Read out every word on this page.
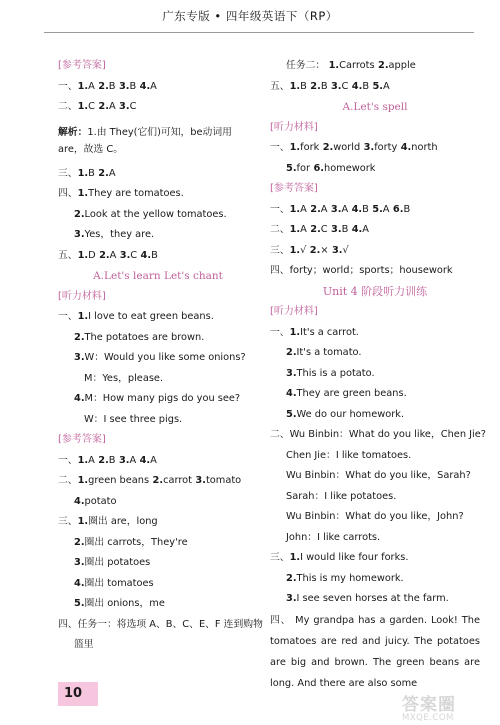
广东专版 • 四年级英语下（RP）
[参考答案]
一、1.A 2.B 3.B 4.A
二、1.C 2.A 3.C
解析：1.由 They(它们)可知，be动词用 are，故选 C。
三、1.B 2.A
四、1.They are tomatoes.
2.Look at the yellow tomatoes.
3.Yes，they are.
五、1.D 2.A 3.C 4.B
A.Let's learn Let's chant
[听力材料]
一、1.I love to eat green beans.
2.The potatoes are brown.
3.W：Would you like some onions?
M：Yes，please.
4.M：How many pigs do you see?
W：I see three pigs.
[参考答案]
一、1.A 2.B 3.A 4.A
二、1.green beans 2.carrot 3.tomato
4.potato
三、1.圈出 are，long
2.圈出 carrots，They're
3.圈出 potatoes
4.圈出 tomatoes
5.圈出 onions，me
四、任务一：将选项 A、B、C、E、F 连到购物
篮里
任务二： 1.Carrots 2.apple
五、1.B 2.B 3.C 4.B 5.A
A.Let's spell
[听力材料]
一、1.fork 2.world 3.forty 4.north
5.for 6.homework
[参考答案]
一、1.A 2.A 3.A 4.B 5.A 6.B
二、1.A 2.C 3.B 4.A
三、1.√ 2.× 3.√
四、forty；world；sports；housework
Unit 4 阶段听力训练
[听力材料]
一、1.It's a carrot.
2.It's a tomato.
3.This is a potato.
4.They are green beans.
5.We do our homework.
二、Wu Binbin：What do you like，Chen Jie?
Chen Jie：I like tomatoes.
Wu Binbin：What do you like，Sarah?
Sarah：I like potatoes.
Wu Binbin：What do you like，John?
John：I like carrots.
三、1.I would like four forks.
2.This is my homework.
3.I see seven horses at the farm.
四、 My grandpa has a garden. Look! The tomatoes are red and juicy. The potatoes are big and brown. The green beans are long. And there are also some
10
答案圈
MXQE.COM
